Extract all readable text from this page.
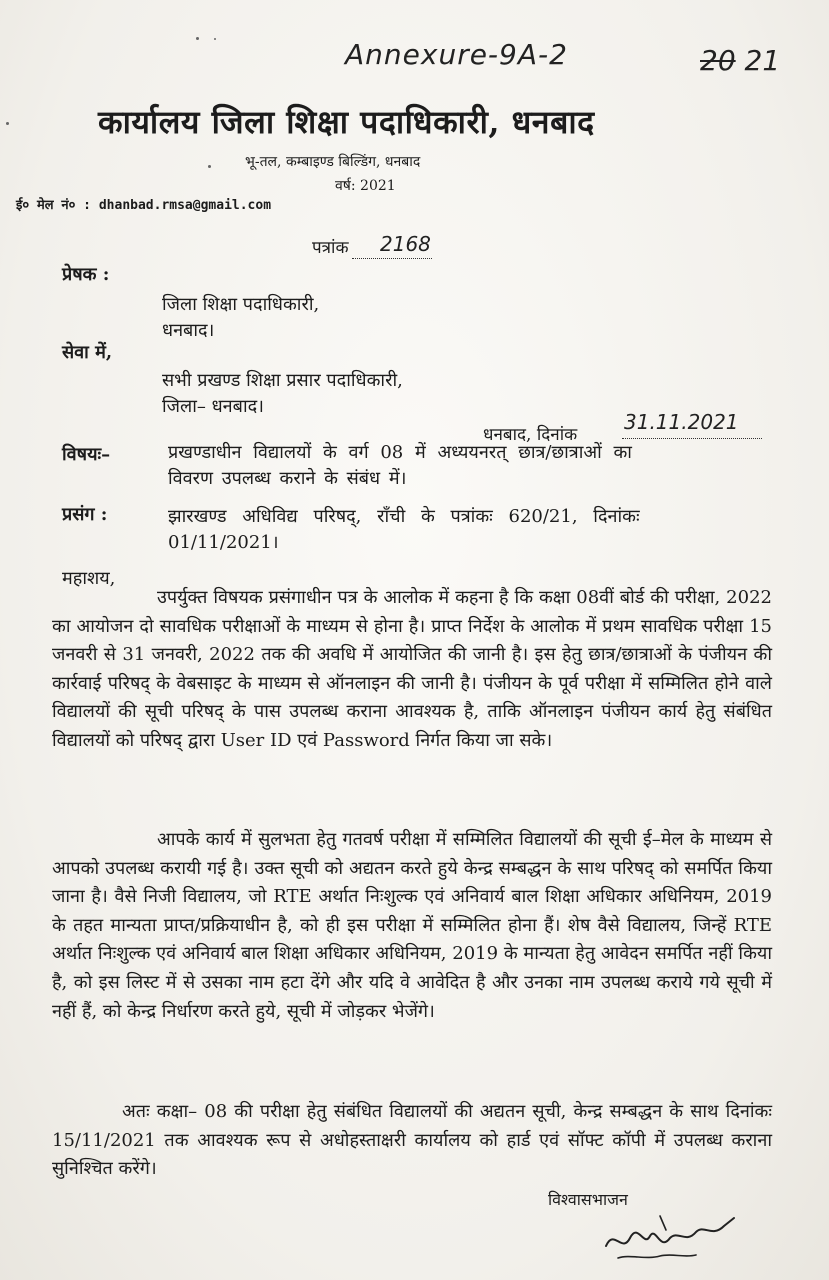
Annexure-9A-2	20 21
कार्यालय जिला शिक्षा पदाधिकारी, धनबाद
भू-तल, कम्बाइण्ड बिल्डिंग, धनबाद
वर्ष: 2021
ई० मेल नं० : dhanbad.rmsa@gmail.com
पत्रांक 2168
प्रेषक :
जिला शिक्षा पदाधिकारी,
धनबाद।
सेवा में,
सभी प्रखण्ड शिक्षा प्रसार पदाधिकारी,
जिला– धनबाद।
धनबाद, दिनांक
31.11.2021
विषयः–	प्रखण्डाधीन विद्यालयों के वर्ग 08 में अध्ययनरत् छात्र/छात्राओं का
विवरण उपलब्ध कराने के संबंध में।
प्रसंग :	झारखण्ड अधिविद्य परिषद्, राँची के पत्रांकः 620/21, दिनांकः
01/11/2021।
महाशय,
उपर्युक्त विषयक प्रसंगाधीन पत्र के आलोक में कहना है कि कक्षा 08वीं बोर्ड की परीक्षा, 2022 का आयोजन दो सावधिक परीक्षाओं के माध्यम से होना है। प्राप्त निर्देश के आलोक में प्रथम सावधिक परीक्षा 15 जनवरी से 31 जनवरी, 2022 तक की अवधि में आयोजित की जानी है। इस हेतु छात्र/छात्राओं के पंजीयन की कार्रवाई परिषद् के वेबसाइट के माध्यम से ऑनलाइन की जानी है। पंजीयन के पूर्व परीक्षा में सम्मिलित होने वाले विद्यालयों की सूची परिषद् के पास उपलब्ध कराना आवश्यक है, ताकि ऑनलाइन पंजीयन कार्य हेतु संबंधित विद्यालयों को परिषद् द्वारा User ID एवं Password निर्गत किया जा सके।
आपके कार्य में सुलभता हेतु गतवर्ष परीक्षा में सम्मिलित विद्यालयों की सूची ई–मेल के माध्यम से आपको उपलब्ध करायी गई है। उक्त सूची को अद्यतन करते हुये केन्द्र सम्बद्धन के साथ परिषद् को समर्पित किया जाना है। वैसे निजी विद्यालय, जो RTE अर्थात निःशुल्क एवं अनिवार्य बाल शिक्षा अधिकार अधिनियम, 2019 के तहत मान्यता प्राप्त/प्रक्रियाधीन है, को ही इस परीक्षा में सम्मिलित होना हैं। शेष वैसे विद्यालय, जिन्हें RTE अर्थात निःशुल्क एवं अनिवार्य बाल शिक्षा अधिकार अधिनियम, 2019 के मान्यता हेतु आवेदन समर्पित नहीं किया है, को इस लिस्ट में से उसका नाम हटा देंगे और यदि वे आवेदित है और उनका नाम उपलब्ध कराये गये सूची में नहीं हैं, को केन्द्र निर्धारण करते हुये, सूची में जोड़कर भेजेंगे।
अतः कक्षा– 08 की परीक्षा हेतु संबंधित विद्यालयों की अद्यतन सूची, केन्द्र सम्बद्धन के साथ दिनांकः 15/11/2021 तक आवश्यक रूप से अधोहस्ताक्षरी कार्यालय को हार्ड एवं सॉफ्ट कॉपी में उपलब्ध कराना सुनिश्चित करेंगे।
विश्वासभाजन
